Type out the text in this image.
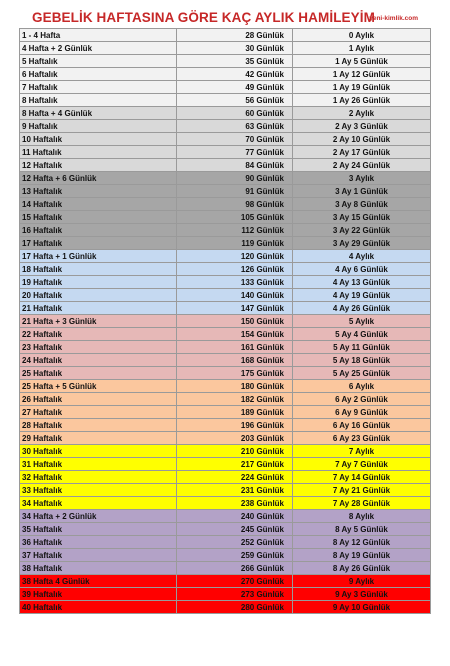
GEBELİK HAFTASINA GÖRE KAÇ AYLIK HAMİLEYİM
yeni-kimlik.com
1 - 4 Hafta	28 Günlük	0 Aylık
4 Hafta + 2 Günlük	30 Günlük	1 Aylık
5 Haftalık	35 Günlük	1 Ay 5 Günlük
6 Haftalık	42 Günlük	1 Ay 12 Günlük
7 Haftalık	49 Günlük	1 Ay 19 Günlük
8 Haftalık	56 Günlük	1 Ay 26 Günlük
8 Hafta + 4 Günlük	60 Günlük	2 Aylık
9 Haftalık	63 Günlük	2 Ay 3 Günlük
10 Haftalık	70 Günlük	2 Ay 10 Günlük
11 Haftalık	77 Günlük	2 Ay 17 Günlük
12 Haftalık	84 Günlük	2 Ay 24 Günlük
12 Hafta + 6 Günlük	90 Günlük	3 Aylık
13 Haftalık	91 Günlük	3 Ay 1 Günlük
14 Haftalık	98 Günlük	3 Ay 8 Günlük
15 Haftalık	105 Günlük	3 Ay 15 Günlük
16 Haftalık	112 Günlük	3 Ay 22 Günlük
17 Haftalık	119 Günlük	3 Ay 29 Günlük
17 Hafta + 1 Günlük	120 Günlük	4 Aylık
18 Haftalık	126 Günlük	4 Ay 6 Günlük
19 Haftalık	133 Günlük	4 Ay 13 Günlük
20 Haftalık	140 Günlük	4 Ay 19 Günlük
21 Haftalık	147 Günlük	4 Ay 26 Günlük
21 Hafta + 3 Günlük	150 Günlük	5 Aylık
22 Haftalık	154 Günlük	5 Ay 4 Günlük
23 Haftalık	161 Günlük	5 Ay 11 Günlük
24 Haftalık	168 Günlük	5 Ay 18 Günlük
25 Haftalık	175 Günlük	5 Ay 25 Günlük
25 Hafta + 5 Günlük	180 Günlük	6 Aylık
26 Haftalık	182 Günlük	6 Ay 2 Günlük
27 Haftalık	189 Günlük	6 Ay 9 Günlük
28 Haftalık	196 Günlük	6 Ay 16 Günlük
29 Haftalık	203 Günlük	6 Ay 23 Günlük
30 Haftalık	210 Günlük	7 Aylık
31 Haftalık	217 Günlük	7 Ay 7 Günlük
32 Haftalık	224 Günlük	7 Ay 14 Günlük
33 Haftalık	231 Günlük	7 Ay 21 Günlük
34 Haftalık	238 Günlük	7 Ay 28 Günlük
34 Hafta + 2 Günlük	240 Günlük	8 Aylık
35 Haftalık	245 Günlük	8 Ay 5 Günlük
36 Haftalık	252 Günlük	8 Ay 12 Günlük
37 Haftalık	259 Günlük	8 Ay 19 Günlük
38 Haftalık	266 Günlük	8 Ay 26 Günlük
38 Hafta 4 Günlük	270 Günlük	9 Aylık
39 Haftalık	273 Günlük	9 Ay 3 Günlük
40 Haftalık	280 Günlük	9 Ay 10 Günlük
